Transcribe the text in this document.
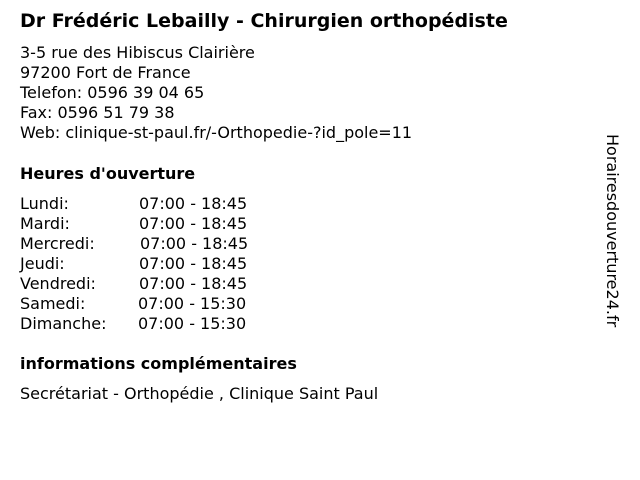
Dr Frédéric Lebailly - Chirurgien orthopédiste
3-5 rue des Hibiscus Clairière
97200 Fort de France
Telefon: 0596 39 04 65
Fax: 0596 51 79 38
Web: clinique-st-paul.fr/-Orthopedie-?id_pole=11
Heures d'ouverture
Lundi:	07:00 - 18:45
Mardi:	07:00 - 18:45
Mercredi:	07:00 - 18:45
Jeudi:	07:00 - 18:45
Vendredi:	07:00 - 18:45
Samedi:	07:00 - 15:30
Dimanche: 07:00 - 15:30
informations complémentaires
Secrétariat - Orthopédie , Clinique Saint Paul
Horairesdouverture24.fr
